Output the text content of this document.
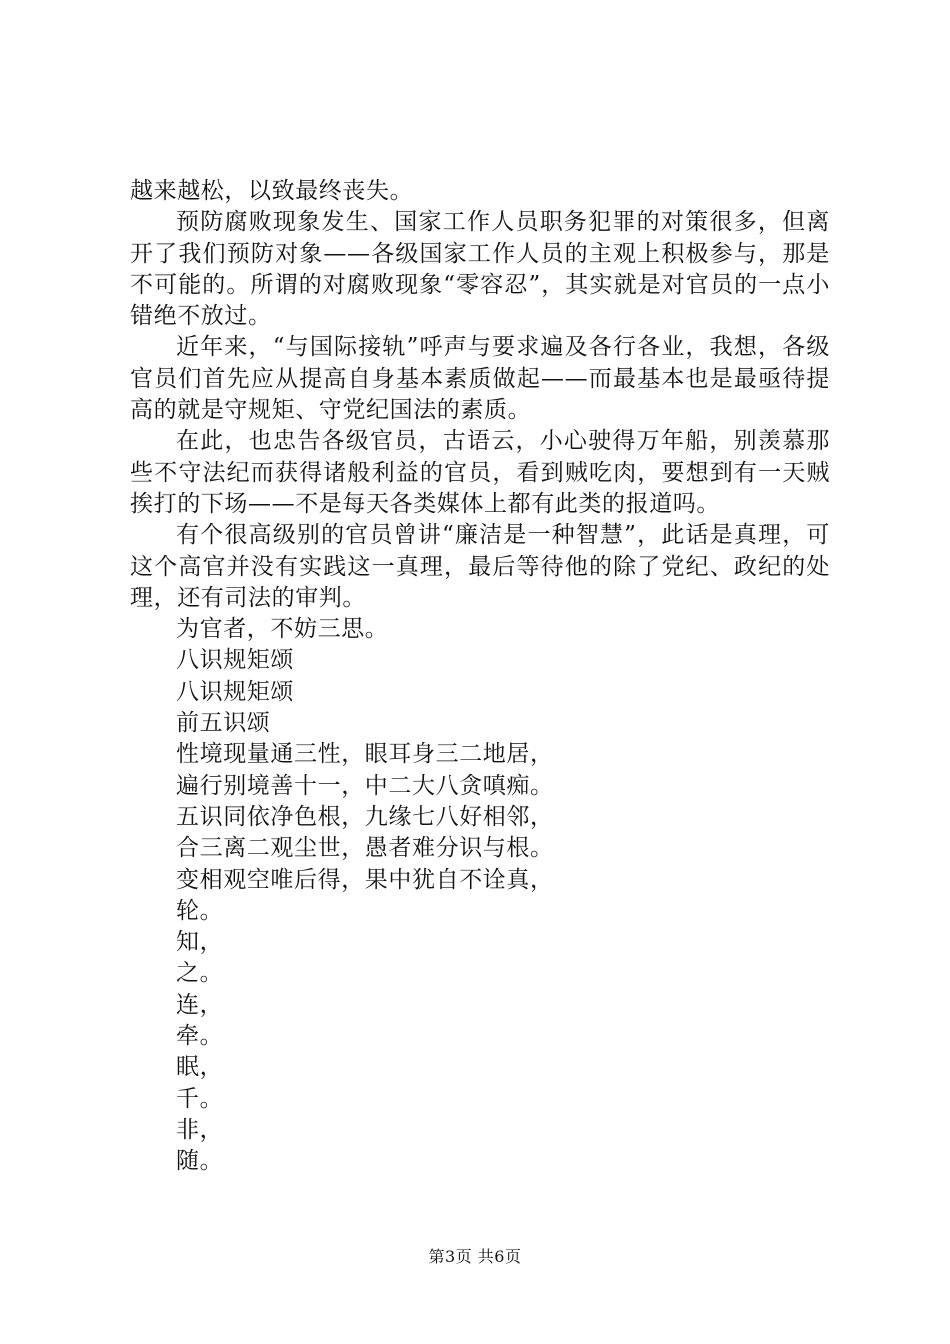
越来越松，以致最终丧失。

预防腐败现象发生、国家工作人员职务犯罪的对策很多，但离开了我们预防对象——各级国家工作人员的主观上积极参与，那是不可能的。所谓的对腐败现象“零容忍”，其实就是对官员的一点小错绝不放过。

近年来，“与国际接轨”呼声与要求遍及各行各业，我想，各级官员们首先应从提高自身基本素质做起——而最基本也是最亟待提高的就是守规矩、守党纪国法的素质。

在此，也忠告各级官员，古语云，小心驶得万年船，别羡慕那些不守法纪而获得诸般利益的官员，看到贼吃肉，要想到有一天贼挨打的下场——不是每天各类媒体上都有此类的报道吗。

有个很高级别的官员曾讲“廉洁是一种智慧”，此话是真理，可这个高官并没有实践这一真理，最后等待他的除了党纪、政纪的处理，还有司法的审判。

为官者，不妨三思。

八识规矩颂

八识规矩颂

前五识颂

性境现量通三性，眼耳身三二地居，

遍行别境善十一，中二大八贪嗔痴。

五识同依净色根，九缘七八好相邻，

合三离二观尘世，愚者难分识与根。

变相观空唯后得，果中犹自不诠真，

轮。

知，

之。

连，

牵。

眠，

千。

非，

随。

第3页 共6页
